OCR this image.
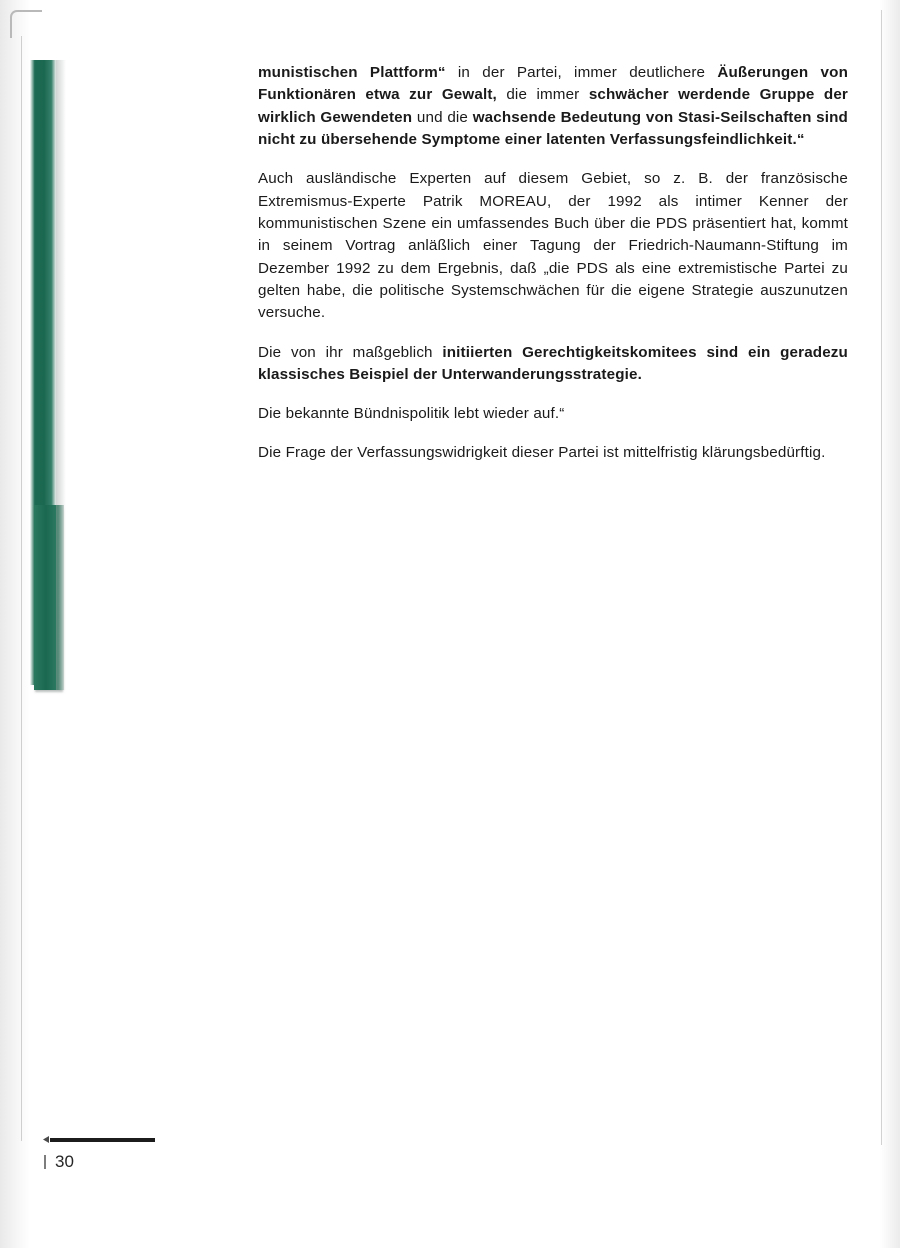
munistischen Plattform“ in der Partei, immer deutlichere Äußerungen von Funktionären etwa zur Gewalt, die immer schwächer werdende Gruppe der wirklich Gewendeten und die wachsende Bedeutung von Stasi-Seilschaften sind nicht zu übersehende Symptome einer latenten Verfassungsfeindlichkeit.“

Auch ausländische Experten auf diesem Gebiet, so z. B. der französische Extremismus-Experte Patrik MOREAU, der 1992 als intimer Kenner der kommunistischen Szene ein umfassendes Buch über die PDS präsentiert hat, kommt in seinem Vortrag anläßlich einer Tagung der Friedrich-Naumann-Stiftung im Dezember 1992 zu dem Ergebnis, daß „die PDS als eine extremistische Partei zu gelten habe, die politische Systemschwächen für die eigene Strategie auszunutzen versuche.

Die von ihr maßgeblich initiierten Gerechtigkeitskomitees sind ein geradezu klassisches Beispiel der Unterwanderungsstrategie.

Die bekannte Bündnispolitik lebt wieder auf.“

Die Frage der Verfassungswidrigkeit dieser Partei ist mittelfristig klärungsbedürftig.

30
